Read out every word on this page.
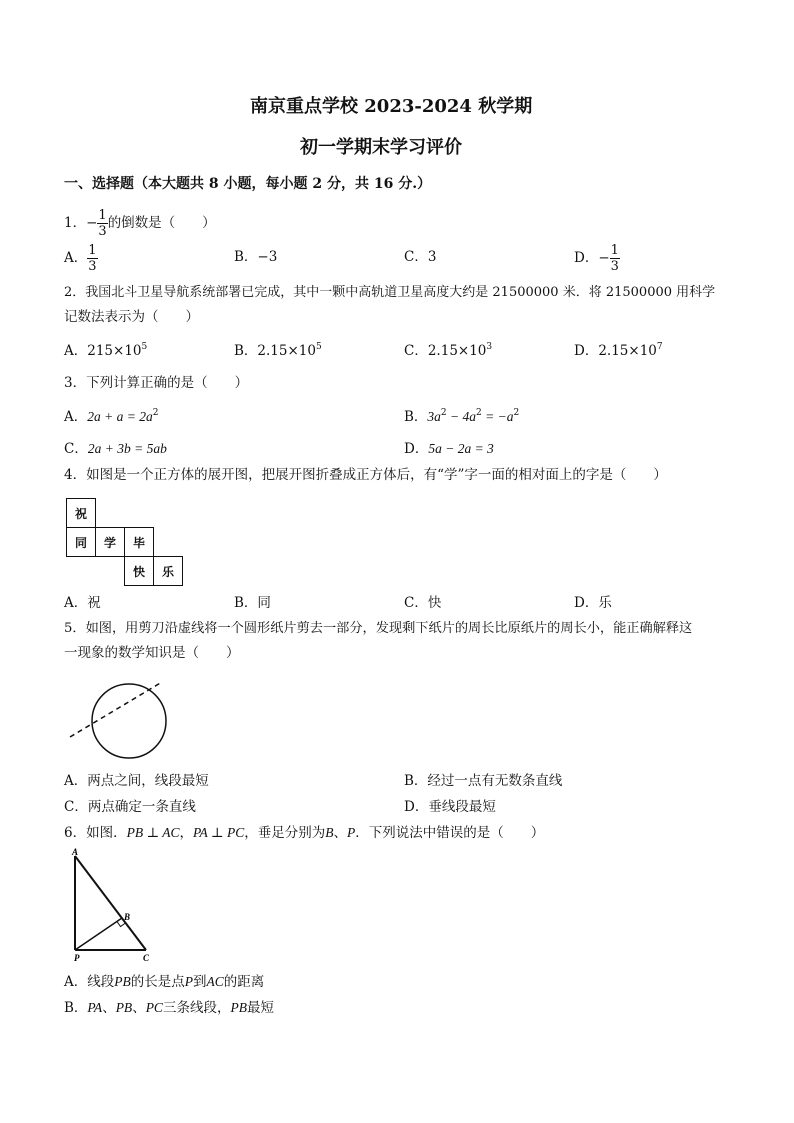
南京重点学校 2023-2024 秋学期
初一学期末学习评价
一、选择题（本大题共 8 小题，每小题 2 分，共 16 分.）
1．− $\frac{1}{3}$ 的倒数是（　　）
A． $\frac{1}{3}$	B．−3	C．3	D．− $\frac{1}{3}$
2．我国北斗卫星导航系统部署已完成，其中一颗中高轨道卫星高度大约是 21500000 米．将 21500000 用科学
记数法表示为（　　）
A．$215\times 10^5$	B．$2.15\times 10^5$	C．$2.15\times 10^3$	D．$2.15\times 10^7$
3．下列计算正确的是（　　）
A．$2a + a = 2a^2$	B．$3a^2 - 4a^2 = -a^2$
C．2a + 3b = 5ab	D．5a − 2a = 3
4．如图是一个正方体的展开图，把展开图折叠成正方体后，有“学”字一面的相对面上的字是（　　）
祝
同	学	毕
快	乐
A．祝	B．同	C．快	D．乐
5．如图，用剪刀沿虚线将一个圆形纸片剪去一部分，发现剩下纸片的周长比原纸片的周长小，能正确解释这
一现象的数学知识是（　　）
A．两点之间，线段最短	B．经过一点有无数条直线
C．两点确定一条直线	D．垂线段最短
6．如图．PB ⊥ AC，PA ⊥ PC，垂足分别为B、P．下列说法中错误的是（　　）
A
B
P	C
A．线段PB的长是点P到AC的距离
B．PA、PB、PC三条线段，PB最短
